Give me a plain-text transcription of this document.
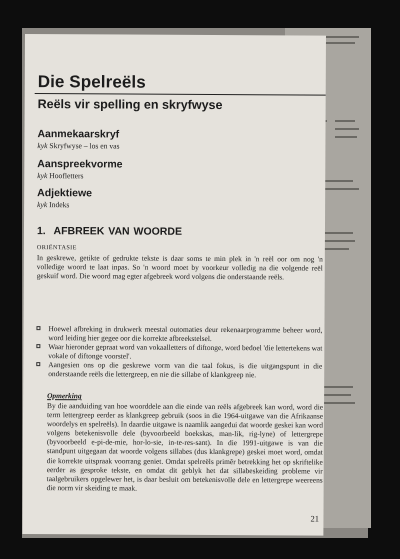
Die Spelreëls
Reëls vir spelling en skryfwyse
Aanmekaarskryf
kyk Skryfwyse – los en vas
Aanspreekvorme
kyk Hoofletters
Adjektiewe
kyk Indeks
1. AFBREEK VAN WOORDE
ORIËNTASIE

In geskrewe, getikte of gedrukte tekste is daar soms te min plek in 'n reël oor om nog 'n volledige woord te laat inpas. So 'n woord moet by voorkeur volledig na die volgende reël geskuif word. Die woord mag egter afgebreek word volgens die onderstaande reëls.

Hoewel afbreking in drukwerk meestal outomaties deur rekenaarprogramme beheer word, word leiding hier gegee oor die korrekte afbreekstelsel.
Waar hieronder gepraat word van vokaalletters of diftonge, word bedoel 'die lettertekens wat vokale of diftonge voorstel'.
Aangesien ons op die geskrewe vorm van die taal fokus, is die uitgangspunt in die onderstaande reëls die lettergreep, en nie die sillabe of klankgreep nie.
Opmerking

By die aanduiding van hoe woorddele aan die einde van reëls afgebreek kan word, word die term lettergreep eerder as klankgreep gebruik (soos in die 1964-uitgawe van die Afrikaanse woordelys en spelreëls). In daardie uitgawe is naamlik aangedui dat woorde geskei kan word volgens betekenisvolle dele (byvoorbeeld boekskas, man-lik, rig-lyne) of lettergrepe (byvoorbeeld e-pi-de-mie, hor-lo-sie, in-te-res-sant). In die 1991-uitgawe is van die standpunt uitgegaan dat woorde volgens sillabes (dus klankgrepe) geskei moet word, omdat die korrekte uitspraak voorrang geniet. Omdat spelreëls primêr betrekking het op skriftelike eerder as gesproke tekste, en omdat dit geblyk het dat sillabeskeiding probleme vir taalgebruikers opgelewer het, is daar besluit om betekenisvolle dele en lettergrepe weereens die norm vir skeiding te maak.

21
